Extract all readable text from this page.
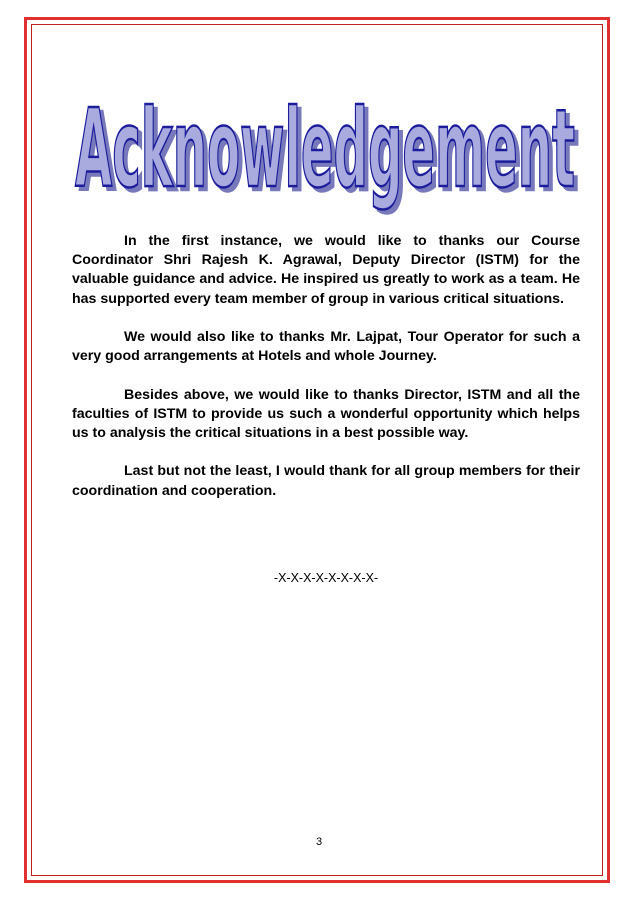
Acknowledgement

In the first instance, we would like to thanks our Course Coordinator Shri Rajesh K. Agrawal, Deputy Director (ISTM) for the valuable guidance and advice. He inspired us greatly to work as a team. He has supported every team member of group in various critical situations.

We would also like to thanks Mr. Lajpat, Tour Operator for such a very good arrangements at Hotels and whole Journey.

Besides above, we would like to thanks Director, ISTM and all the faculties of ISTM to provide us such a wonderful opportunity which helps us to analysis the critical situations in a best possible way.

Last but not the least, I would thank for all group members for their coordination and cooperation.

-X-X-X-X-X-X-X-X-
3
